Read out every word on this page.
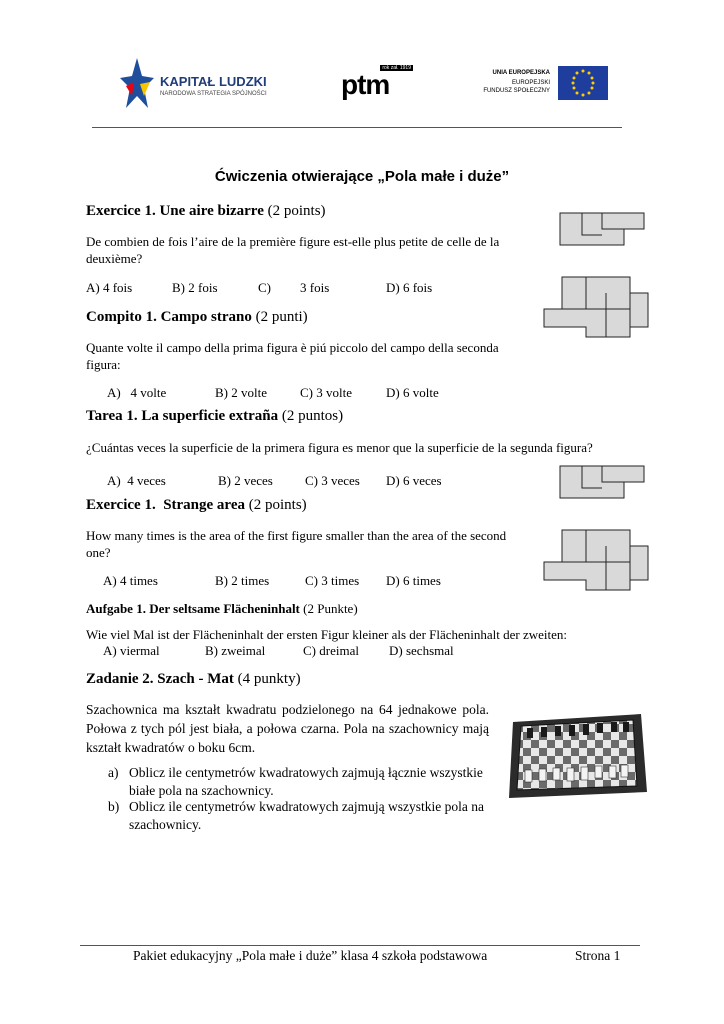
KAPITAŁ LUDZKI
NARODOWA STRATEGIA SPÓJNOŚCI
rok zał. 1919
ptm	UNIA EUROPEJSKA
EUROPEJSKI
FUNDUSZ SPOŁECZNY
Ćwiczenia otwierające „Pola małe i duże”
Exercice 1. Une aire bizarre (2 points)
De combien de fois l’aire de la première figure est-elle plus petite de celle de la deuxième?
A) 4 fois	B) 2 fois	C) 3 fois	D) 6 fois
Compito 1. Campo strano (2 punti)
Quante volte il campo della prima figura è piú piccolo del campo della seconda figura:
A)   4 volte	B) 2 volte	C) 3 volte	D) 6 volte
Tarea 1. La superficie extraña (2 puntos)
¿Cuántas veces la superficie de la primera figura es menor que la superficie de la segunda figura?
A)  4 veces	B) 2 veces C) 3 veces D) 6 veces
Exercice 1.  Strange area (2 points)
How many times is the area of the first figure smaller than the area of the second one?
A) 4 times	B) 2 times	C) 3 times D) 6 times
Aufgabe 1. Der seltsame Flächeninhalt (2 Punkte)
Wie viel Mal ist der Flächeninhalt der ersten Figur kleiner als der Flächeninhalt der zweiten:
A) viermal	B) zweimal	C) dreimal D) sechsmal
Zadanie 2. Szach - Mat (4 punkty)
Szachownica ma kształt kwadratu podzielonego na 64 jednakowe pola. Połowa z tych pól jest biała, a połowa czarna. Pola na szachownicy mają kształt kwadratów o boku 6cm.
a) Oblicz ile centymetrów kwadratowych zajmują łącznie wszystkie białe pola na szachownicy.
b) Oblicz ile centymetrów kwadratowych zajmują wszystkie pola na szachownicy.
Pakiet edukacyjny „Pola małe i duże” klasa 4 szkoła podstawowa	Strona 1
